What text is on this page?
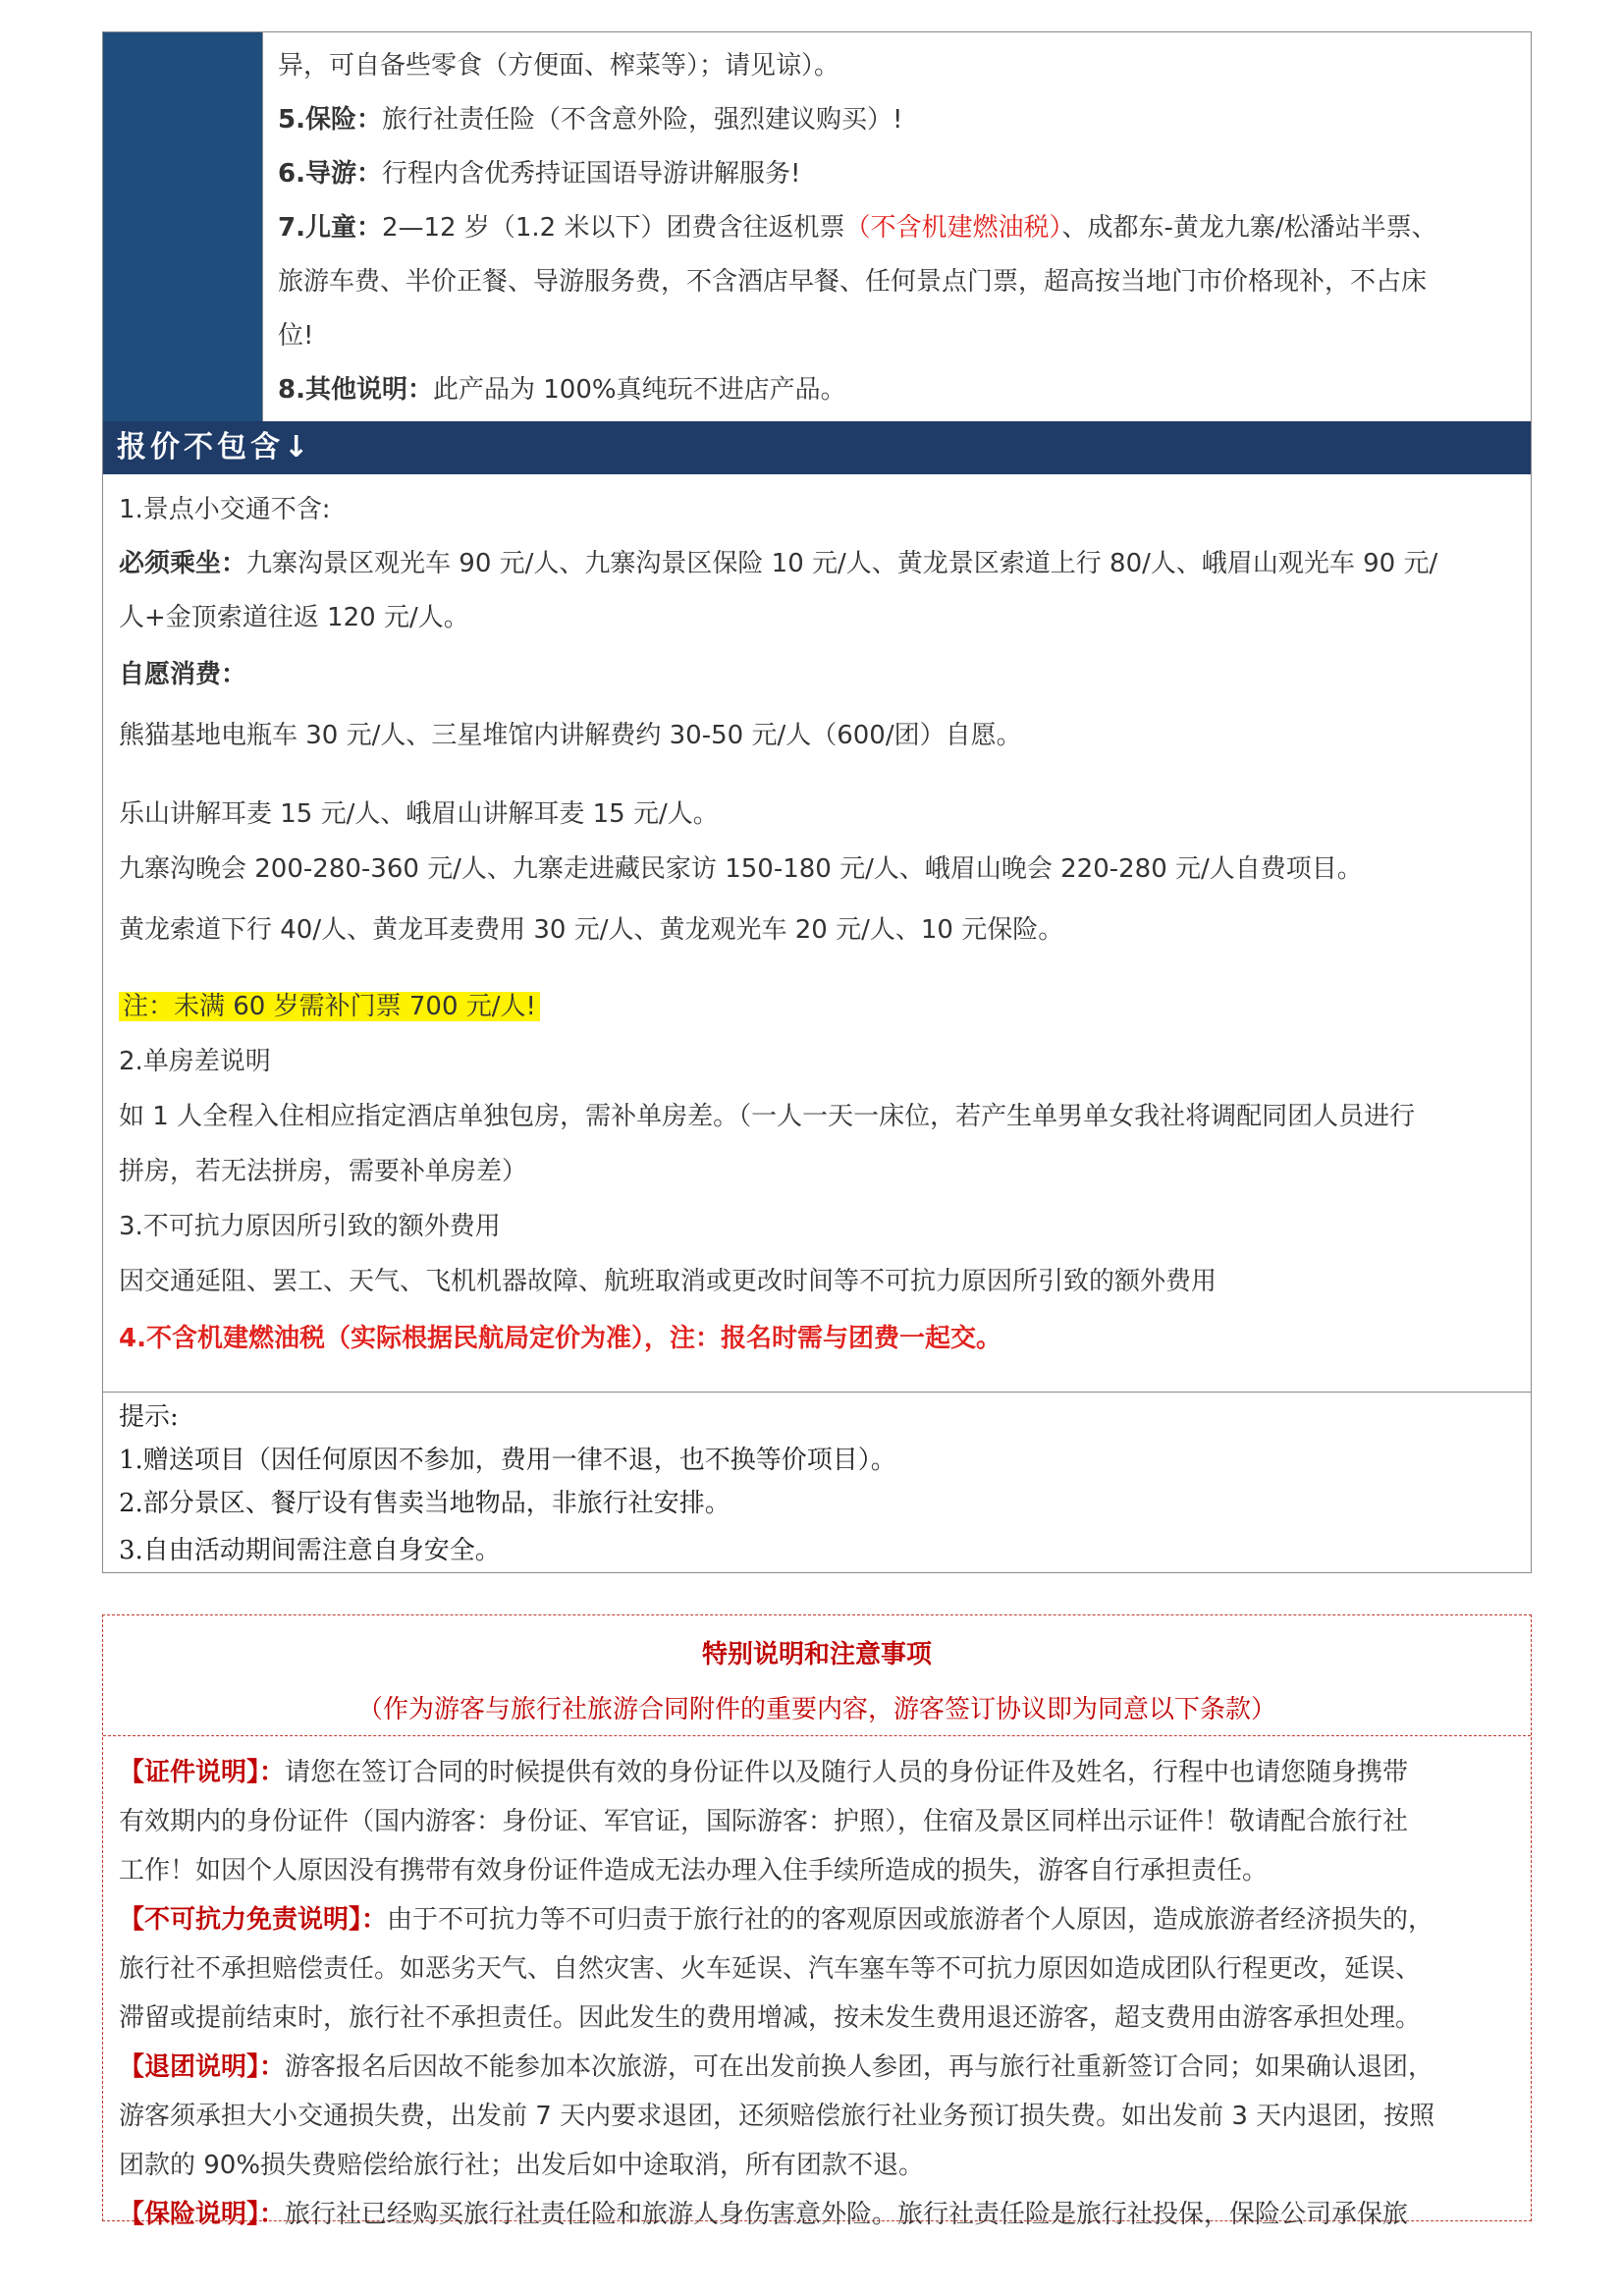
异，可自备些零食（方便面、榨菜等）；请见谅）。
5.保险：旅行社责任险（不含意外险，强烈建议购买）!
6.导游：行程内含优秀持证国语导游讲解服务!
7.儿童：2—12 岁（1.2 米以下）团费含往返机票（不含机建燃油税）、成都东-黄龙九寨/松潘站半票、
旅游车费、半价正餐、导游服务费，不含酒店早餐、任何景点门票，超高按当地门市价格现补，不占床
位!
8.其他说明：此产品为 100%真纯玩不进店产品。
报价不包含↓
1.景点小交通不含:
必须乘坐：九寨沟景区观光车 90 元/人、九寨沟景区保险 10 元/人、黄龙景区索道上行 80/人、峨眉山观光车 90 元/
人+金顶索道往返 120 元/人。
自愿消费：
熊猫基地电瓶车 30 元/人、三星堆馆内讲解费约 30-50 元/人（600/团）自愿。
乐山讲解耳麦 15 元/人、峨眉山讲解耳麦 15 元/人。
九寨沟晚会 200-280-360 元/人、九寨走进藏民家访 150-180 元/人、峨眉山晚会 220-280 元/人自费项目。
黄龙索道下行 40/人、黄龙耳麦费用 30 元/人、黄龙观光车 20 元/人、10 元保险。
注：未满 60 岁需补门票 700 元/人!
2.单房差说明
如 1 人全程入住相应指定酒店单独包房，需补单房差。（一人一天一床位，若产生单男单女我社将调配同团人员进行
拼房，若无法拼房，需要补单房差）
3.不可抗力原因所引致的额外费用
因交通延阻、罢工、天气、飞机机器故障、航班取消或更改时间等不可抗力原因所引致的额外费用
4.不含机建燃油税（实际根据民航局定价为准），注：报名时需与团费一起交。
提示:
1.赠送项目（因任何原因不参加，费用一律不退，也不换等价项目）。
2.部分景区、餐厅设有售卖当地物品，非旅行社安排。
3.自由活动期间需注意自身安全。
特别说明和注意事项
（作为游客与旅行社旅游合同附件的重要内容，游客签订协议即为同意以下条款）
【证件说明】：请您在签订合同的时候提供有效的身份证件以及随行人员的身份证件及姓名，行程中也请您随身携带
有效期内的身份证件（国内游客：身份证、军官证，国际游客：护照），住宿及景区同样出示证件！敬请配合旅行社
工作！如因个人原因没有携带有效身份证件造成无法办理入住手续所造成的损失，游客自行承担责任。
【不可抗力免责说明】：由于不可抗力等不可归责于旅行社的的客观原因或旅游者个人原因，造成旅游者经济损失的，
旅行社不承担赔偿责任。如恶劣天气、自然灾害、火车延误、汽车塞车等不可抗力原因如造成团队行程更改，延误、
滞留或提前结束时，旅行社不承担责任。因此发生的费用增减，按未发生费用退还游客，超支费用由游客承担处理。
【退团说明】：游客报名后因故不能参加本次旅游，可在出发前换人参团，再与旅行社重新签订合同；如果确认退团，
游客须承担大小交通损失费，出发前 7 天内要求退团，还须赔偿旅行社业务预订损失费。如出发前 3 天内退团，按照
团款的 90%损失费赔偿给旅行社；出发后如中途取消，所有团款不退。
【保险说明】：旅行社已经购买旅行社责任险和旅游人身伤害意外险。旅行社责任险是旅行社投保，保险公司承保旅
